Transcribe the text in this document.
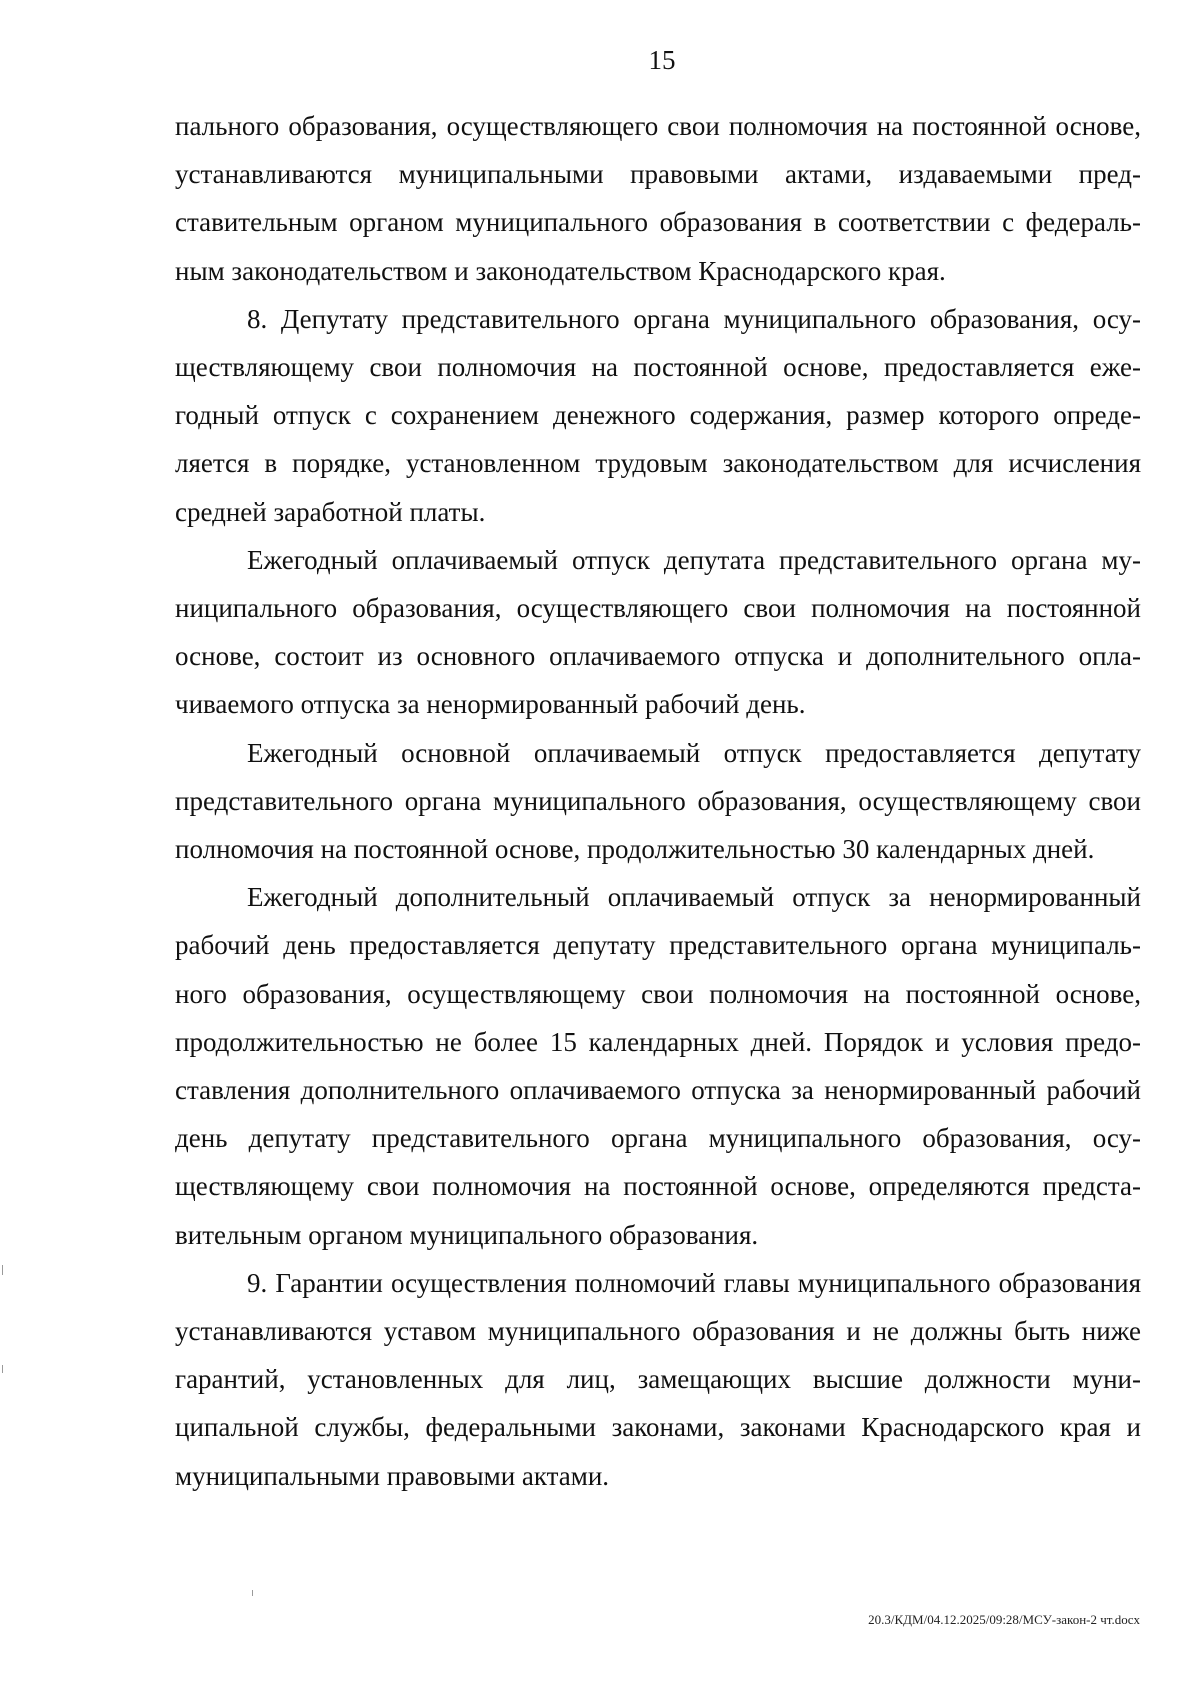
15

пального образования, осуществляющего свои полномочия на постоянной основе, устанавливаются муниципальными правовыми актами, издаваемыми представительным органом муниципального образования в соответствии с федеральным законодательством и законодательством Краснодарского края.

8. Депутату представительного органа муниципального образования, осуществляющему свои полномочия на постоянной основе, предоставляется ежегодный отпуск с сохранением денежного содержания, размер которого определяется в порядке, установленном трудовым законодательством для исчисления средней заработной платы.

Ежегодный оплачиваемый отпуск депутата представительного органа муниципального образования, осуществляющего свои полномочия на постоянной основе, состоит из основного оплачиваемого отпуска и дополнительного оплачиваемого отпуска за ненормированный рабочий день.

Ежегодный основной оплачиваемый отпуск предоставляется депутату представительного органа муниципального образования, осуществляющему свои полномочия на постоянной основе, продолжительностью 30 календарных дней.

Ежегодный дополнительный оплачиваемый отпуск за ненормированный рабочий день предоставляется депутату представительного органа муниципального образования, осуществляющему свои полномочия на постоянной основе, продолжительностью не более 15 календарных дней. Порядок и условия предоставления дополнительного оплачиваемого отпуска за ненормированный рабочий день депутату представительного органа муниципального образования, осуществляющему свои полномочия на постоянной основе, определяются представительным органом муниципального образования.

9. Гарантии осуществления полномочий главы муниципального образования устанавливаются уставом муниципального образования и не должны быть ниже гарантий, установленных для лиц, замещающих высшие должности муниципальной службы, федеральными законами, законами Краснодарского края и муниципальными правовыми актами.

20.3/КДМ/04.12.2025/09:28/МСУ-закон-2 чт.docx
